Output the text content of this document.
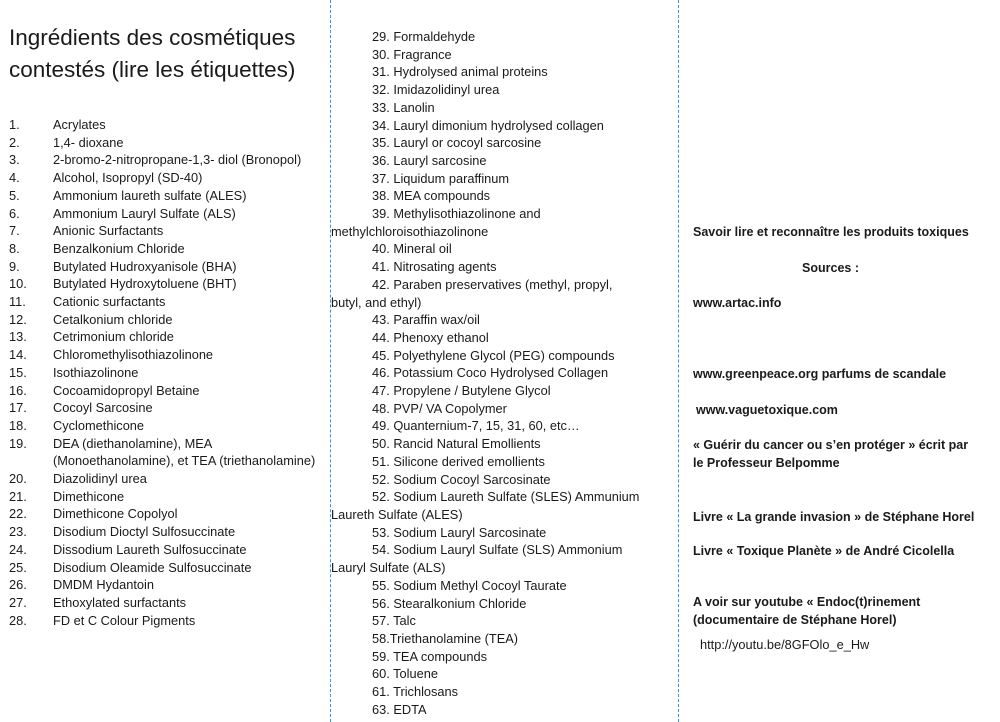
Ingrédients des cosmétiques
contestés (lire les étiquettes)
1.	Acrylates
2.	1,4- dioxane
3.	2-bromo-2-nitropropane-1,3- diol (Bronopol)
4.	Alcohol, Isopropyl (SD-40)
5.	Ammonium laureth sulfate (ALES)
6.	Ammonium Lauryl Sulfate (ALS)
7.	Anionic Surfactants
8.	Benzalkonium Chloride
9.	Butylated Hudroxyanisole (BHA)
10.	Butylated Hydroxytoluene (BHT)
11.	Cationic surfactants
12.	Cetalkonium chloride
13.	Cetrimonium chloride
14.	Chloromethylisothiazolinone
15.	Isothiazolinone
16.	Cocoamidopropyl Betaine
17.	Cocoyl Sarcosine
18.	Cyclomethicone
19.	DEA (diethanolamine), MEA (Monoethanolamine), et TEA (triethanolamine)
20.	Diazolidinyl urea
21.	Dimethicone
22.	Dimethicone Copolyol
23.	Disodium Dioctyl Sulfosuccinate
24.	Dissodium Laureth Sulfosuccinate
25.	Disodium Oleamide Sulfosuccinate
26.	DMDM Hydantoin
27.	Ethoxylated surfactants
28.	FD et C Colour Pigments
29. Formaldehyde
30. Fragrance
31. Hydrolysed animal proteins
32. Imidazolidinyl urea
33. Lanolin
34. Lauryl dimonium hydrolysed collagen
35. Lauryl or cocoyl sarcosine
36. Lauryl sarcosine
37. Liquidum paraffinum
38. MEA compounds
39. Methylisothiazolinone and
methylchloroisothiazolinone
40. Mineral oil
41. Nitrosating agents
42. Paraben preservatives (methyl, propyl,
butyl, and ethyl)
43. Paraffin wax/oil
44. Phenoxy ethanol
45. Polyethylene Glycol (PEG) compounds
46. Potassium Coco Hydrolysed Collagen
47. Propylene / Butylene Glycol
48. PVP/ VA Copolymer
49. Quanternium-7, 15, 31, 60, etc…
50. Rancid Natural Emollients
51. Silicone derived emollients
52. Sodium Cocoyl Sarcosinate
52. Sodium Laureth Sulfate (SLES) Ammunium
Laureth Sulfate (ALES)
53. Sodium Lauryl Sarcosinate
54. Sodium Lauryl Sulfate (SLS) Ammonium
Lauryl Sulfate (ALS)
55. Sodium Methyl Cocoyl Taurate
56. Stearalkonium Chloride
57. Talc
58.Triethanolamine (TEA)
59. TEA compounds
60. Toluene
61. Trichlosans
63. EDTA

Savoir lire et reconnaître les produits toxiques

Sources :

www.artac.info

www.greenpeace.org parfums de scandale

www.vaguetoxique.com

« Guérir du cancer ou s’en protéger » écrit par
le Professeur Belpomme

Livre « La grande invasion » de Stéphane Horel

Livre « Toxique Planète » de André Cicolella

A voir sur youtube « Endoc(t)rinement
(documentaire de Stéphane Horel)

http://youtu.be/8GFOlo_e_Hw
